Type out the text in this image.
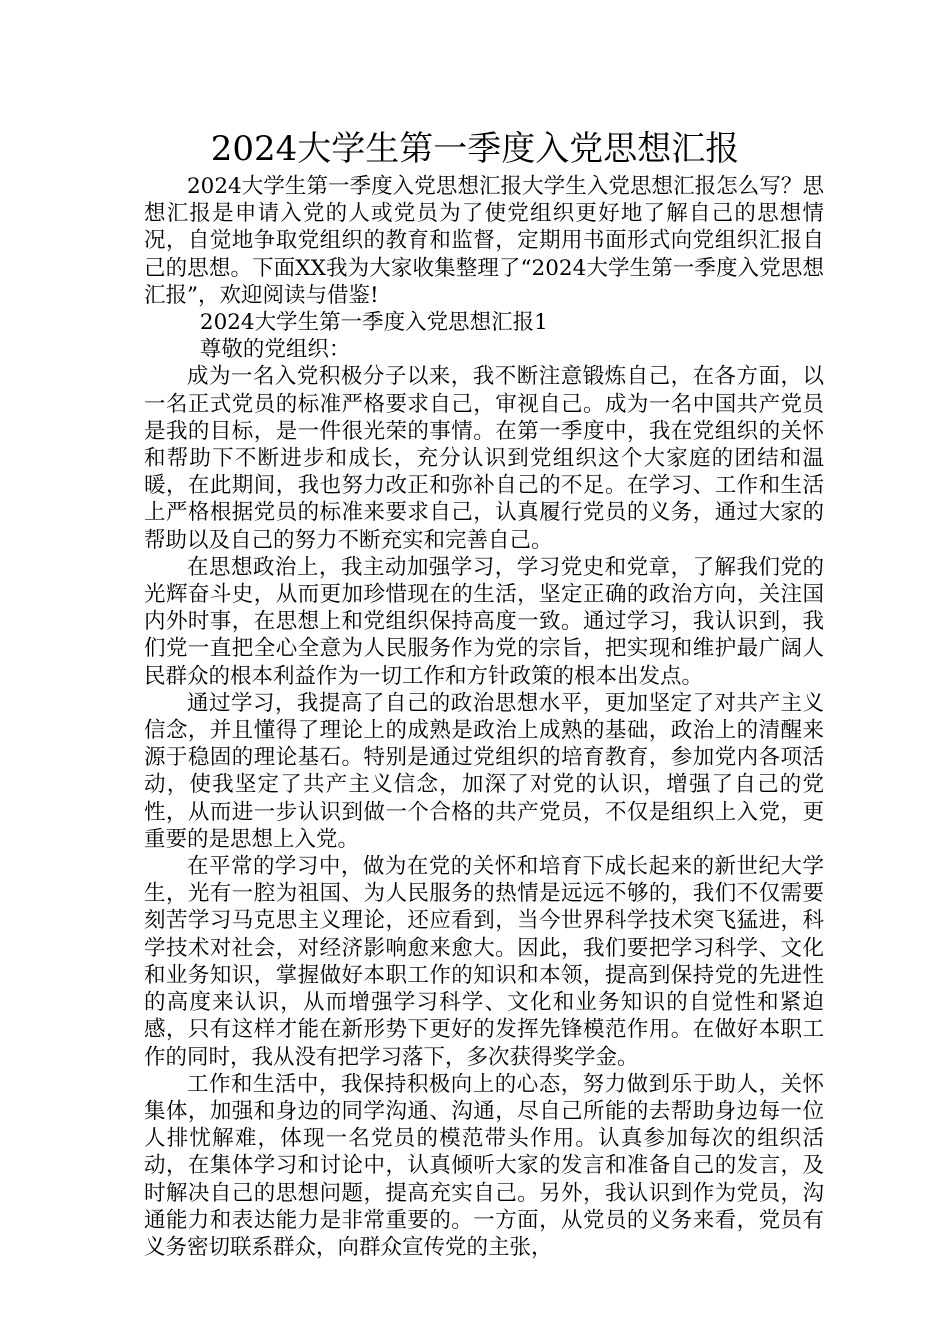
2024大学生第一季度入党思想汇报

2024大学生第一季度入党思想汇报大学生入党思想汇报怎么写？思想汇报是申请入党的人或党员为了使党组织更好地了解自己的思想情况，自觉地争取党组织的教育和监督，定期用书面形式向党组织汇报自己的思想。下面XX我为大家收集整理了“2024大学生第一季度入党思想汇报”，欢迎阅读与借鉴!

2024大学生第一季度入党思想汇报1

尊敬的党组织：

成为一名入党积极分子以来，我不断注意锻炼自己，在各方面，以一名正式党员的标准严格要求自己，审视自己。成为一名中国共产党员是我的目标，是一件很光荣的事情。在第一季度中，我在党组织的关怀和帮助下不断进步和成长，充分认识到党组织这个大家庭的团结和温暖，在此期间，我也努力改正和弥补自己的不足。在学习、工作和生活上严格根据党员的标准来要求自己，认真履行党员的义务，通过大家的帮助以及自己的努力不断充实和完善自己。

在思想政治上，我主动加强学习，学习党史和党章，了解我们党的光辉奋斗史，从而更加珍惜现在的生活，坚定正确的政治方向，关注国内外时事，在思想上和党组织保持高度一致。通过学习，我认识到，我们党一直把全心全意为人民服务作为党的宗旨，把实现和维护最广阔人民群众的根本利益作为一切工作和方针政策的根本出发点。

通过学习，我提高了自己的政治思想水平，更加坚定了对共产主义信念，并且懂得了理论上的成熟是政治上成熟的基础，政治上的清醒来源于稳固的理论基石。特别是通过党组织的培育教育，参加党内各项活动，使我坚定了共产主义信念，加深了对党的认识，增强了自己的党性，从而进一步认识到做一个合格的共产党员，不仅是组织上入党，更重要的是思想上入党。

在平常的学习中，做为在党的关怀和培育下成长起来的新世纪大学生，光有一腔为祖国、为人民服务的热情是远远不够的，我们不仅需要刻苦学习马克思主义理论，还应看到，当今世界科学技术突飞猛进，科学技术对社会，对经济影响愈来愈大。因此，我们要把学习科学、文化和业务知识，掌握做好本职工作的知识和本领，提高到保持党的先进性的高度来认识，从而增强学习科学、文化和业务知识的自觉性和紧迫感，只有这样才能在新形势下更好的发挥先锋模范作用。在做好本职工作的同时，我从没有把学习落下，多次获得奖学金。

工作和生活中，我保持积极向上的心态，努力做到乐于助人，关怀集体，加强和身边的同学沟通、沟通，尽自己所能的去帮助身边每一位人排忧解难，体现一名党员的模范带头作用。认真参加每次的组织活动，在集体学习和讨论中，认真倾听大家的发言和准备自己的发言，及时解决自己的思想问题，提高充实自己。另外，我认识到作为党员，沟通能力和表达能力是非常重要的。一方面，从党员的义务来看，党员有义务密切联系群众，向群众宣传党的主张，
